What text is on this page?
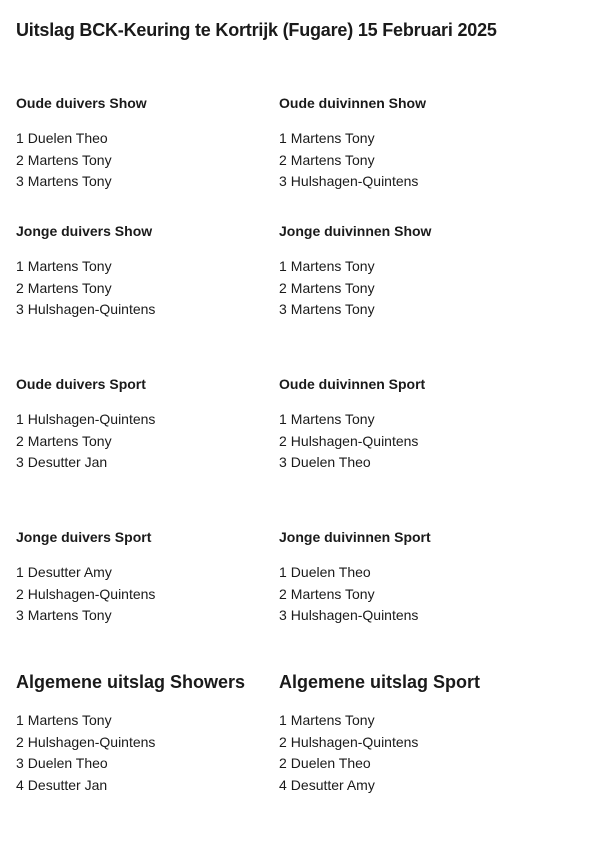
Uitslag BCK-Keuring te Kortrijk (Fugare) 15 Februari 2025
Oude duivers Show
1 Duelen Theo
2 Martens Tony
3 Martens Tony
Oude duivinnen Show
1 Martens Tony
2 Martens Tony
3 Hulshagen-Quintens
Jonge duivers Show
1 Martens Tony
2 Martens Tony
3 Hulshagen-Quintens
Jonge duivinnen Show
1 Martens Tony
2 Martens Tony
3 Martens Tony
Oude duivers Sport
1 Hulshagen-Quintens
2 Martens Tony
3 Desutter Jan
Oude duivinnen Sport
1 Martens Tony
2 Hulshagen-Quintens
3 Duelen Theo
Jonge duivers Sport
1 Desutter Amy
2 Hulshagen-Quintens
3 Martens Tony
Jonge duivinnen Sport
1 Duelen Theo
2 Martens Tony
3 Hulshagen-Quintens
Algemene uitslag Showers
1 Martens Tony
2 Hulshagen-Quintens
3 Duelen Theo
4 Desutter Jan
Algemene uitslag Sport
1 Martens Tony
2 Hulshagen-Quintens
2 Duelen Theo
4 Desutter Amy
